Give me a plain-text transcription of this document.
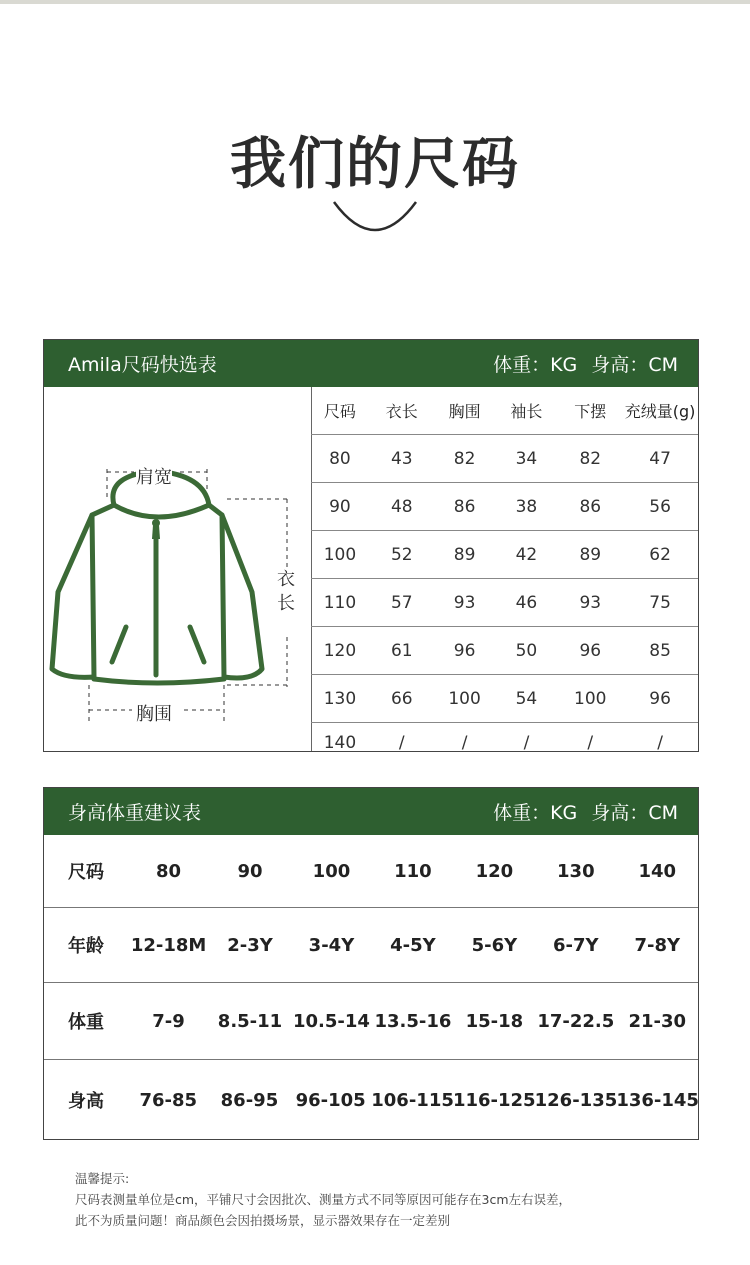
我们的尺码
Amila尺码快选表	体重：KG 身高：CM
肩宽
衣
长
胸围
尺码	衣长	胸围	袖长	下摆	充绒量(g)
80	43	82	34	82	47
90	48	86	38	86	56
100	52	89	42	89	62
110	57	93	46	93	75
120	61	96	50	96	85
130	66	100	54	100	96
140	/	/	/	/	/
身高体重建议表	体重：KG 身高：CM
尺码	80	90	100	110	120	130	140
年龄	12-18M	2-3Y	3-4Y	4-5Y	5-6Y	6-7Y	7-8Y
体重	7-9	8.5-11 10.5-14 13.5-16 15-18 17-22.5 21-30
身高	76-85	86-95 96-105 106-115 116-125 126-135 136-145
温馨提示:
尺码表测量单位是cm，平铺尺寸会因批次、测量方式不同等原因可能存在3cm左右误差，
此不为质量问题！商品颜色会因拍摄场景，显示器效果存在一定差别
